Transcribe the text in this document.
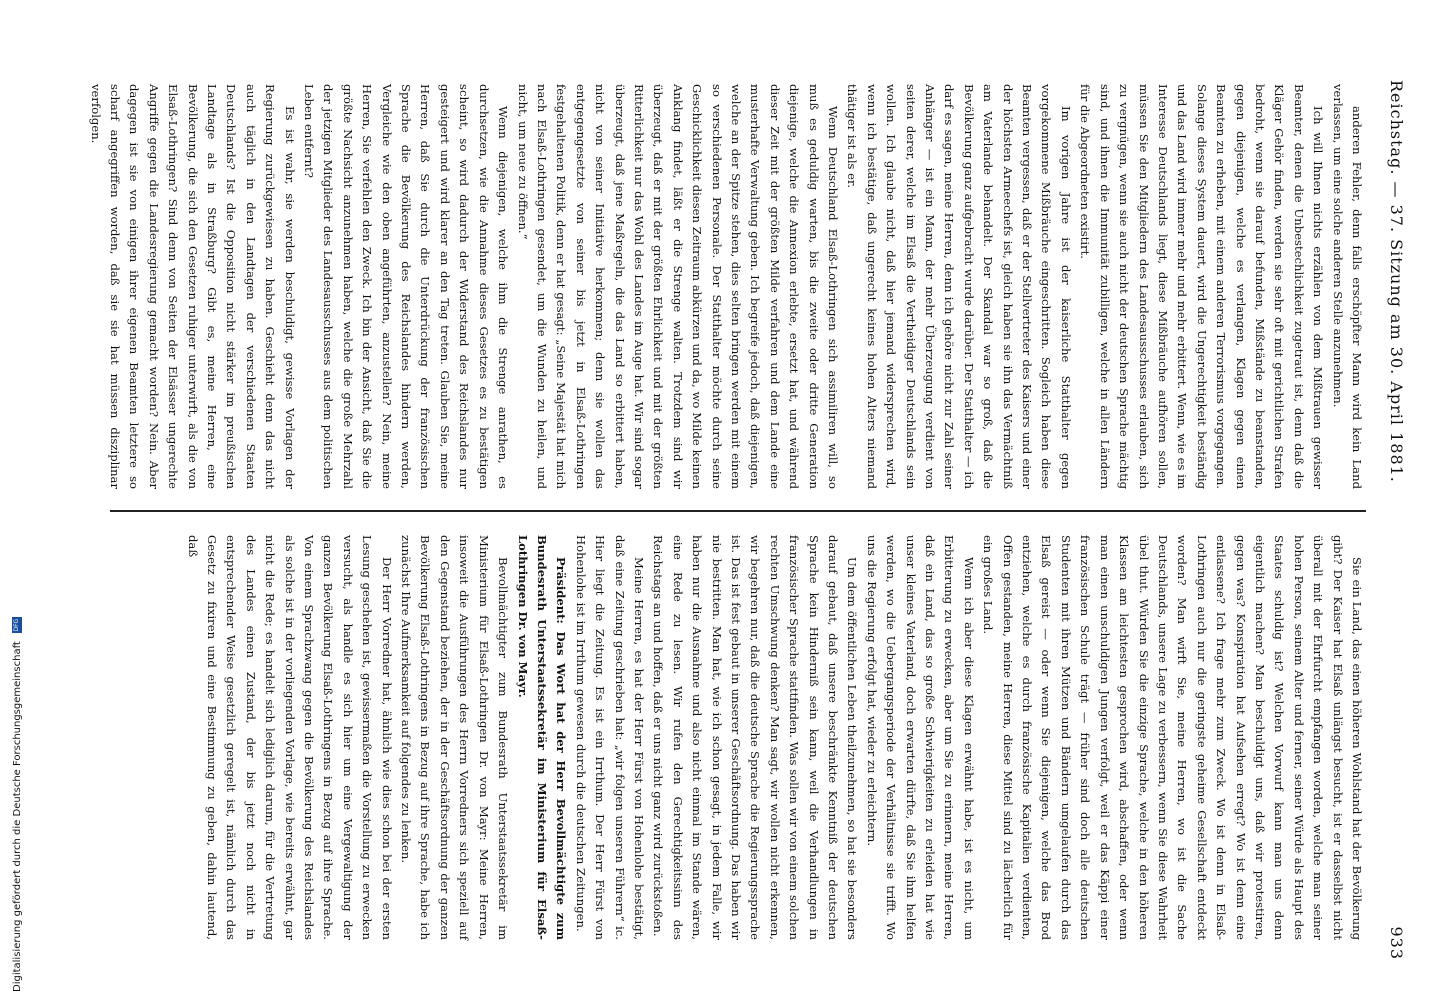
Reichstag. — 37. Sitzung am 30. April 1881.
933

anderen Fehler, denn falls erschöpfter Mann wird kein Land verlassen, um eine solche anderen Stelle anzunehmen.

Ich will Ihnen nichts erzählen von dem Mißtrauen gewisser Beamter, denen die Unbestechlichkeit zugetraut ist, denn daß die Kläger Gehör finden, werden sie sehr oft mit gerichtlichen Strafen bedroht, wenn sie darauf befunden, Mißstände zu beanstanden, gegen diejenigen, welche es verlangen, Klagen gegen einen Beamten zu erheben, mit einem anderen Terrorismus vorgegangen. Solange dieses System dauert, wird die Ungerechtigkeit beständig und das Land wird immer mehr und mehr erbittert. Wenn, wie es im Interesse Deutschlands liegt, diese Mißbräuche aufhören sollen, müssen Sie den Mitgliedern des Landesausschusses erlauben, sich zu vergnügen, wenn sie auch nicht der deutschen Sprache mächtig sind, und ihnen die Immunität zubilligen, welche in allen Ländern für die Abgeordneten existirt.

Im vorigen Jahre ist der kaiserliche Statthalter gegen vorgekommene Mißbräuche eingeschritten. Sogleich haben diese Beamten vergessen, daß er der Stellvertreter des Kaisers und einer der höchsten Armeechefs ist, gleich haben sie ihn das Vermächtniß am Vaterlande behandelt. Der Skandal war so groß, daß die Bevölkerung ganz aufgebracht wurde darüber. Der Statthalter — ich darf es sagen, meine Herren, denn ich gehöre nicht zur Zahl seiner Anhänger — ist ein Mann, der mehr Überzeugung verdient von seiten derer, welche im Elsaß die Vertheidiger Deutschlands sein wollen. Ich glaube nicht, daß hier jemand widersprechen wird, wenn ich bestätige, daß ungerecht keines hohen Alters niemand thätiger ist als er.

Wenn Deutschland Elsaß-Lothringen sich assimiliren will, so muß es geduldig warten, bis die zweite oder dritte Generation diejenige, welche die Annexion erlebte, ersetzt hat, und während dieser Zeit mit der größten Milde verfahren und dem Lande eine musterhafte Verwaltung geben. Ich begreife jedoch, daß diejenigen, welche an der Spitze stehen, dies selten bringen werden mit einem so verschiedenen Personale. Der Statthalter möchte durch seine Geschicklichkeit diesen Zeitraum abkürzen und da, wo Milde keinen Anklang findet, läßt er die Strenge walten. Trotzdem sind wir überzeugt, daß er mit der größten Ehrlichkeit und mit der größten Ritterlichkeit nur das Wohl des Landes im Auge hat. Wir sind sogar überzeugt, daß jene Maßregeln, die das Land so erbittert haben, nicht von seiner Initiative herkommen; denn sie wollen das entgegengesetzte von seiner bis jetzt in Elsaß-Lothringen festgehaltenen Politik, denn er hat gesagt: „Seine Majestät hat mich nach Elsaß-Lothringen gesendet, um die Wunden zu heilen, und nicht, um neue zu öffnen.“

Wenn diejenigen, welche ihm die Strenge anrathen, es durchsetzen, wie die Annahme dieses Gesetzes es zu bestätigen scheint, so wird dadurch der Widerstand des Reichslandes nur gesteigert und wird klarer an den Tag treten. Glauben Sie, meine Herren, daß Sie durch die Unterdrückung der französischen Sprache die Bevölkerung des Reichslandes hindern werden, Vergleiche wie den oben angeführten, anzustellen? Nein, meine Herren, Sie verfehlen den Zweck. Ich bin der Ansicht, daß Sie die größte Nachsicht anzunehmen haben, welche die große Mehrzahl der jetzigen Mitglieder des Landesausschusses aus dem politischen Leben entfernt?

Es ist wahr, sie werden beschuldigt, gewisse Vorlagen der Regierung zurückgewiesen zu haben. Geschieht denn das nicht auch täglich in den Landtagen der verschiedenen Staaten Deutschlands? Ist die Opposition nicht stärker im preußischen Landtage als in Straßburg? Gibt es, meine Herren, eine Bevölkerung, die sich den Gesetzen ruhiger unterwirft, als die von Elsaß-Lothringen? Sind denn von Seiten der Elsässer ungerechte Angriffe gegen die Landesregierung gemacht worden? Nein. Aber dagegen ist sie von einigen ihrer eigenen Beamten letztere so scharf angegriffen worden, daß sie sie hat müssen disziplinar verfolgen.

Sie ein Land, das einen höheren Wohlstand hat der Bevölkerung gibt? Der Kaiser hat Elsaß unlängst besucht, ist er dasselbst nicht überall mit der Ehrfurcht empfangen worden, welche man seiner hohen Person, seinem Alter und ferner, seiner Würde als Haupt des Staates schuldig ist? Welchen Vorwurf kann man uns denn eigentlich machen? Man beschuldigt uns, daß wir protestiren, gegen was? Konspiration hat Aufsehen erregt? Wo ist denn eine entlassene? Ich frage mehr zum Zweck. Wo ist denn in Elsaß-Lothringen auch nur die geringste geheime Gesellschaft entdeckt worden? Man wirft Sie, meine Herren, wo ist die Sache Deutschlands, unsere Lage zu verbessern, wenn Sie diese Wahrheit übel thut. Würden Sie die einzige Sprache, welche in den höheren Klassen am leichtesten gesprochen wird, abschaffen, oder wenn man einen unschuldigen Jungen verfolgt, weil er das Käppi einer französischen Schule trägt — früher sind doch alle deutschen Studenten mit ihren Mützen und Bändern umgelaufen durch das Elsaß gereist — oder wenn Sie diejenigen, welche das Brod entziehen, welche es durch französische Kapitalien verdienten, Offen gestanden, meine Herren, diese Mittel sind zu lächerlich für ein großes Land.

Wenn ich aber diese Klagen erwähnt habe, ist es nicht, um Erbitterung zu erwecken, aber um Sie zu erinnern, meine Herren, daß ein Land, das so große Schwierigkeiten zu erleiden hat wie unser kleines Vaterland, doch erwarten dürfte, daß Sie ihm helfen werden, wo die Uebergangsperiode der Verhältnisse sie trifft. Wo uns die Regierung erfolgt hat, wieder zu erleichtern.

Um dem öffentlichen Leben theilzunehmen, so hat sie besonders darauf gebaut, daß unsere beschränkte Kenntniß der deutschen Sprache kein Hinderniß sein kann, weil die Verhandlungen in französischer Sprache stattfinden. Was sollen wir von einem solchen rechten Umschwung denken? Man sagt, wir wollen nicht erkennen, wir begehren nur, daß die deutsche Sprache die Regierungssprache ist. Das ist fest gebaut in unserer Geschäftsordnung. Das haben wir nie bestritten. Man hat, wie ich schon gesagt, in jedem Falle, wir haben nur die Ausnahme und also nicht einmal im Stande wären, eine Rede zu lesen. Wir rufen den Gerechtigkeitssinn des Reichstags an und hoffen, daß er uns nicht ganz wird zurückstoßen.

Meine Herren, es hat der Herr Fürst von Hohenlohe bestätigt, daß eine Zeitung geschrieben hat: „wir folgen unseren Führern“ ic. Hier liegt die Zeitung. Es ist ein Irrthum. Der Herr Fürst von Hohenlohe ist im Irrthum gewesen durch die deutschen Zeitungen.

Präsident: Das Wort hat der Herr Bevollmächtigte zum Bundesrath Unterstaatssekretär im Ministerium für Elsaß-Lothringen Dr. von Mayr.

Bevollmächtigter zum Bundesrath Unterstaatssekretär im Ministerium für Elsaß-Lothringen Dr. von Mayr: Meine Herren, insoweit die Ausführungen des Herrn Vorredners sich speziell auf den Gegenstand beziehen, der in der Geschäftsordnung der ganzen Bevölkerung Elsaß-Lothringens in Bezug auf ihre Sprache, habe ich zunächst Ihre Aufmerksamkeit auf folgendes zu lenken.

Der Herr Vorredner hat, ähnlich wie dies schon bei der ersten Lesung geschehen ist, gewissermaßen die Vorstellung zu erwecken versucht, als handle es sich hier um eine Vergewaltigung der ganzen Bevölkerung Elsaß-Lothringens in Bezug auf ihre Sprache. Von einem Sprachzwang gegen die Bevölkerung des Reichslandes als solche ist in der vorliegenden Vorlage, wie bereits erwähnt, gar nicht die Rede; es handelt sich lediglich darum, für die Vertretung des Landes einen Zustand, der bis jetzt noch nicht in entsprechender Weise gesetzlich geregelt ist, nämlich durch das Gesetz zu fixiren und eine Bestimmung zu geben, dahin lautend, daß

Digitalisierung gefördert durch die Deutsche Forschungsgemeinschaft
DFG
